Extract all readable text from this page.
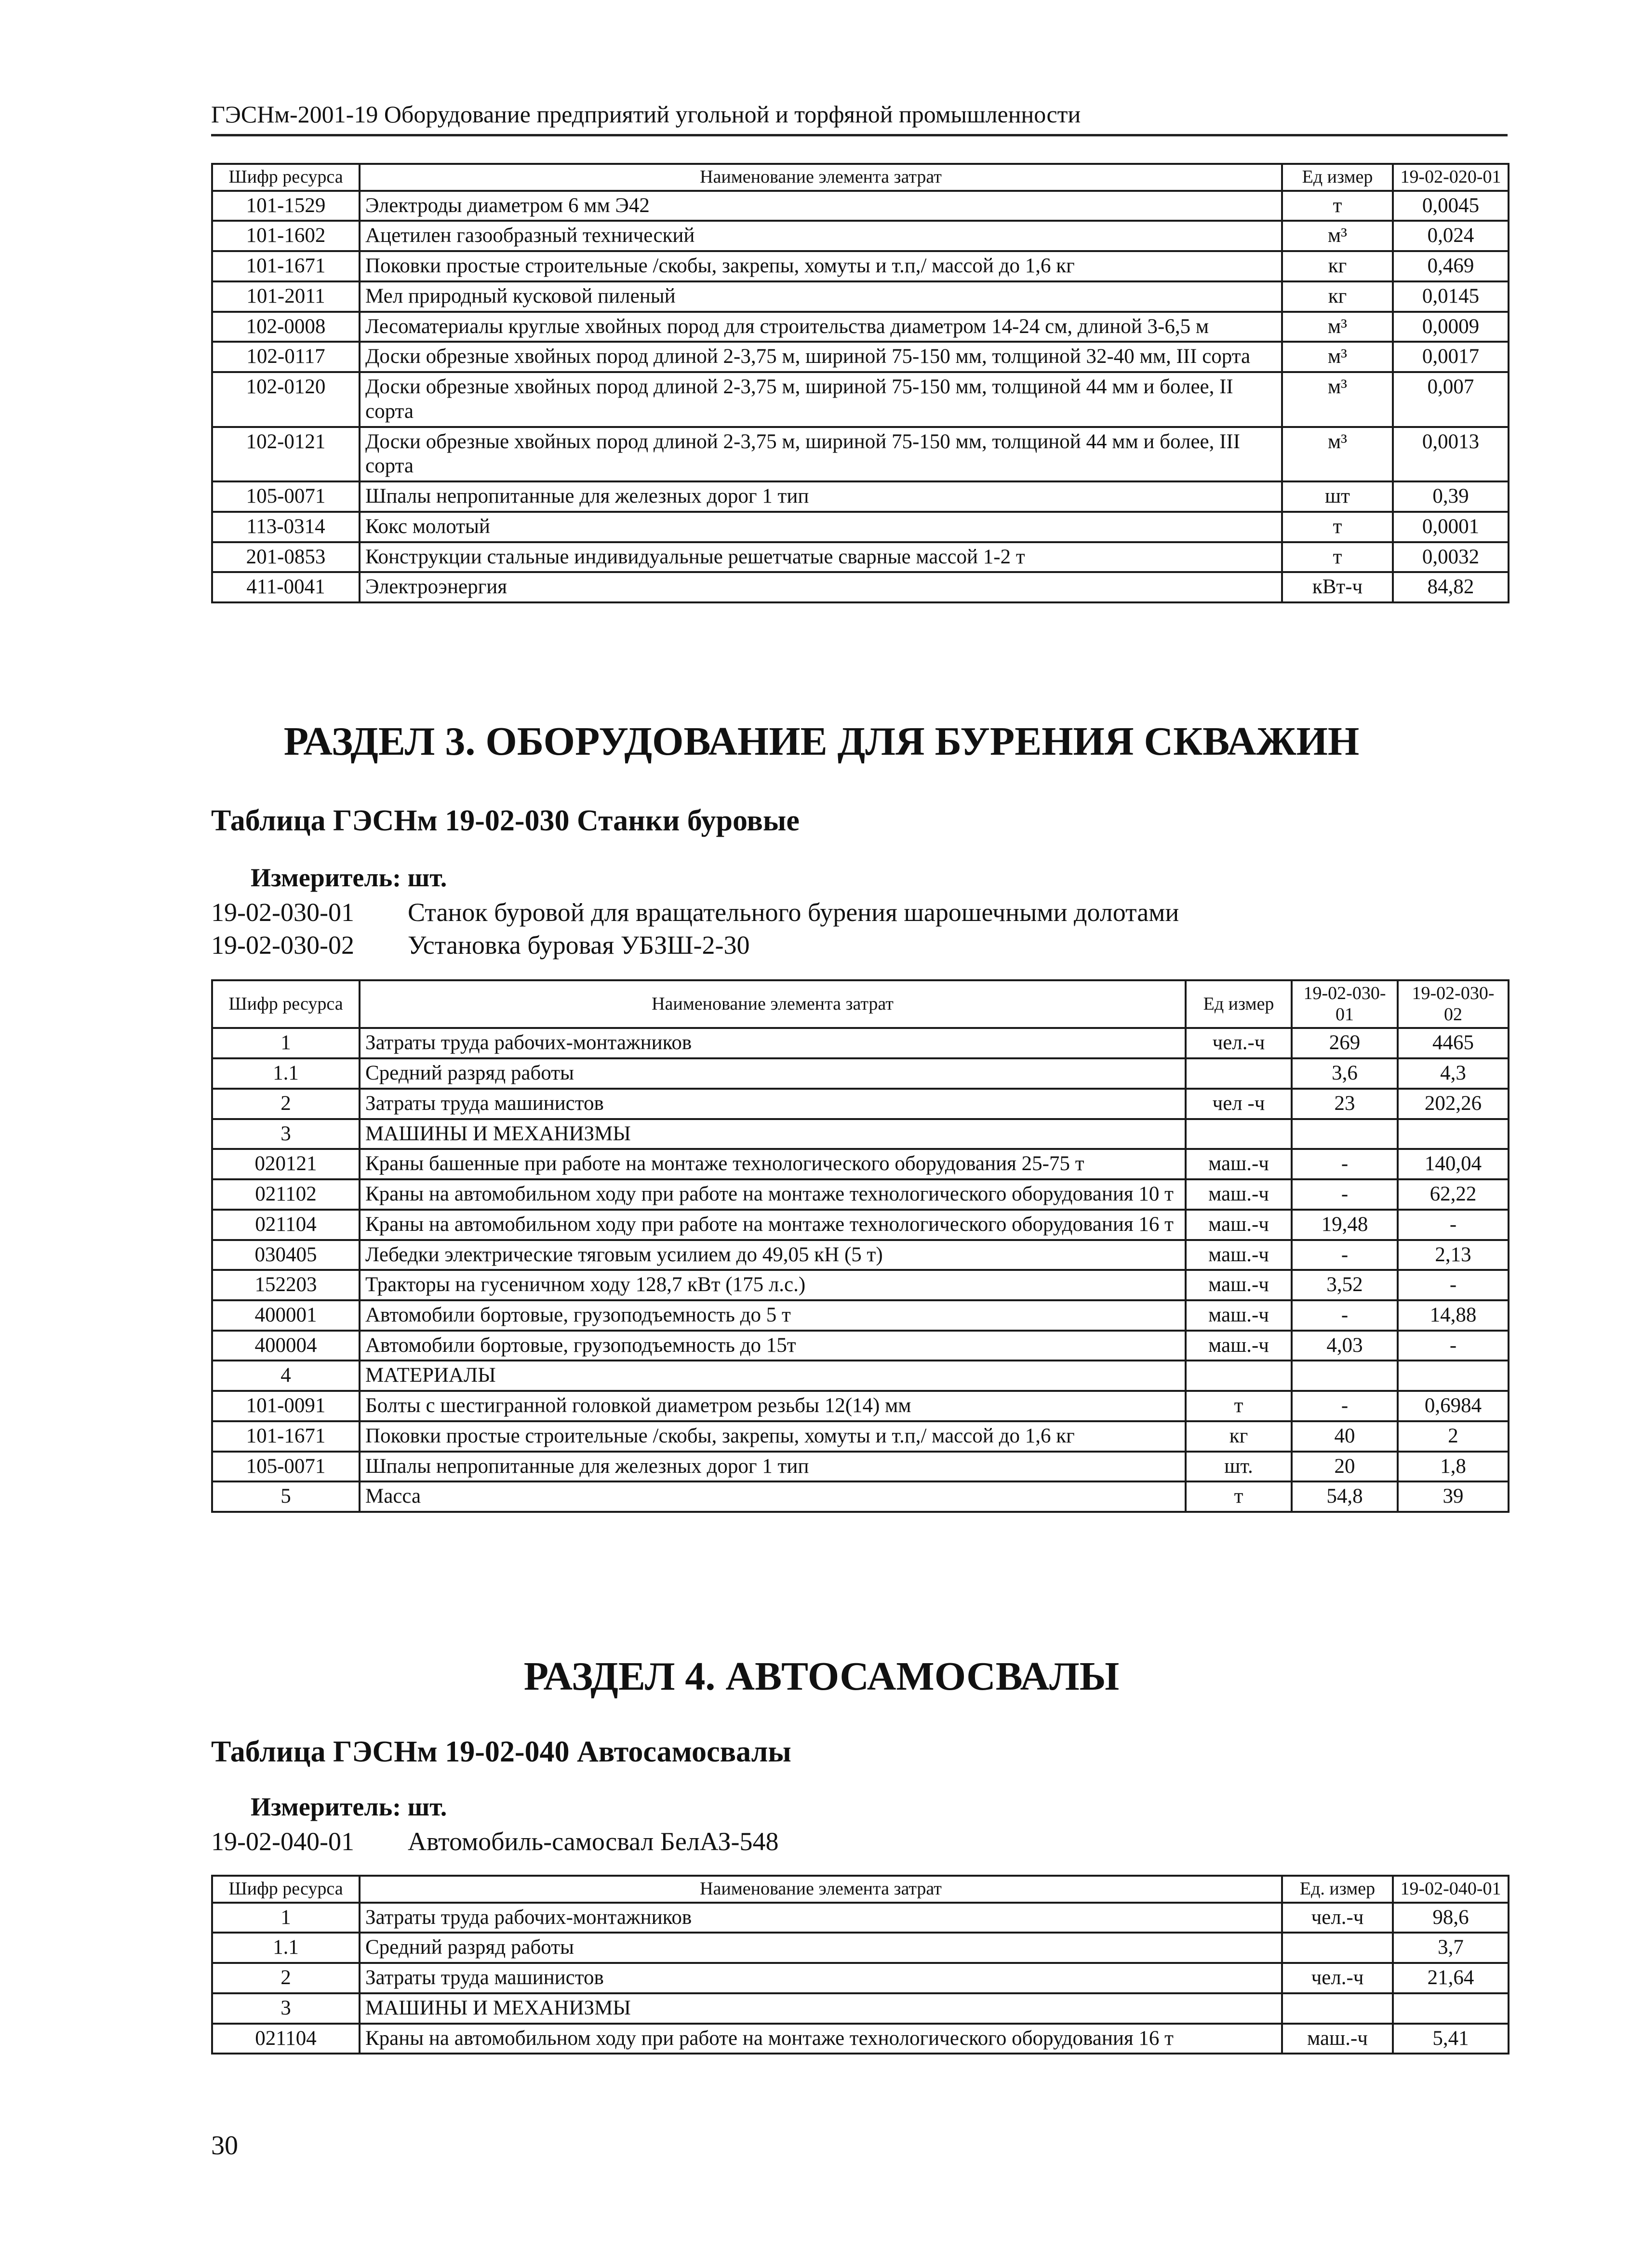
ГЭСНм-2001-19 Оборудование предприятий угольной и торфяной промышленности
Шифр ресурса	Наименование элемента затрат	Ед измер	19-02-020-01
101-1529	Электроды диаметром 6 мм Э42	т	0,0045
101-1602	Ацетилен газообразный технический	м³	0,024
101-1671	Поковки простые строительные /скобы, закрепы, хомуты и т.п,/ массой до 1,6 кг	кг	0,469
101-2011	Мел природный кусковой пиленый	кг	0,0145
102-0008	Лесоматериалы круглые хвойных пород для строительства диаметром 14-24 см, длиной 3-6,5 м	м³	0,0009
102-0117	Доски обрезные хвойных пород длиной 2-3,75 м, шириной 75-150 мм, толщиной 32-40 мм, III сорта	м³	0,0017
102-0120	Доски обрезные хвойных пород длиной 2-3,75 м, шириной 75-150 мм, толщиной 44 мм и более, II сорта	м³	0,007
102-0121	Доски обрезные хвойных пород длиной 2-3,75 м, шириной 75-150 мм, толщиной 44 мм и более, III сорта	м³	0,0013
105-0071	Шпалы непропитанные для железных дорог 1 тип	шт	0,39
113-0314	Кокс молотый	т	0,0001
201-0853	Конструкции стальные индивидуальные решетчатые сварные массой 1-2 т	т	0,0032
411-0041	Электроэнергия	кВт-ч	84,82
РАЗДЕЛ 3. ОБОРУДОВАНИЕ ДЛЯ БУРЕНИЯ СКВАЖИН
Таблица ГЭСНм 19-02-030 Станки буровые
Измеритель: шт.
19-02-030-01 Станок буровой для вращательного бурения шарошечными долотами
19-02-030-02 Установка буровая УБЗШ-2-30
Шифр ресурса	Наименование элемента затрат	Ед измер	19-02-030-01	19-02-030-02
1	Затраты труда рабочих-монтажников	чел.-ч	269	4465
1.1	Средний разряд работы		3,6	4,3
2	Затраты труда машинистов	чел -ч	23	202,26
3	МАШИНЫ И МЕХАНИЗМЫ			
020121	Краны башенные при работе на монтаже технологического оборудования 25-75 т	маш.-ч	-	140,04
021102	Краны на автомобильном ходу при работе на монтаже технологического оборудования 10 т	маш.-ч	-	62,22
021104	Краны на автомобильном ходу при работе на монтаже технологического оборудования 16 т	маш.-ч	19,48	-
030405	Лебедки электрические тяговым усилием до 49,05 кН (5 т)	маш.-ч	-	2,13
152203	Тракторы на гусеничном ходу 128,7 кВт (175 л.с.)	маш.-ч	3,52	-
400001	Автомобили бортовые, грузоподъемность до 5 т	маш.-ч	-	14,88
400004	Автомобили бортовые, грузоподъемность до 15т	маш.-ч	4,03	-
4	МАТЕРИАЛЫ			
101-0091	Болты с шестигранной головкой диаметром резьбы 12(14) мм	т	-	0,6984
101-1671	Поковки простые строительные /скобы, закрепы, хомуты и т.п,/ массой до 1,6 кг	кг	40	2
105-0071	Шпалы непропитанные для железных дорог 1 тип	шт.	20	1,8
5	Масса	т	54,8	39
РАЗДЕЛ 4. АВТОСАМОСВАЛЫ
Таблица ГЭСНм 19-02-040 Автосамосвалы
Измеритель: шт.
19-02-040-01 Автомобиль-самосвал БелАЗ-548
Шифр ресурса	Наименование элемента затрат	Ед. измер	19-02-040-01
1	Затраты труда рабочих-монтажников	чел.-ч	98,6
1.1	Средний разряд работы		3,7
2	Затраты труда машинистов	чел.-ч	21,64
3	МАШИНЫ И МЕХАНИЗМЫ		
021104	Краны на автомобильном ходу при работе на монтаже технологического оборудования 16 т	маш.-ч	5,41
30
